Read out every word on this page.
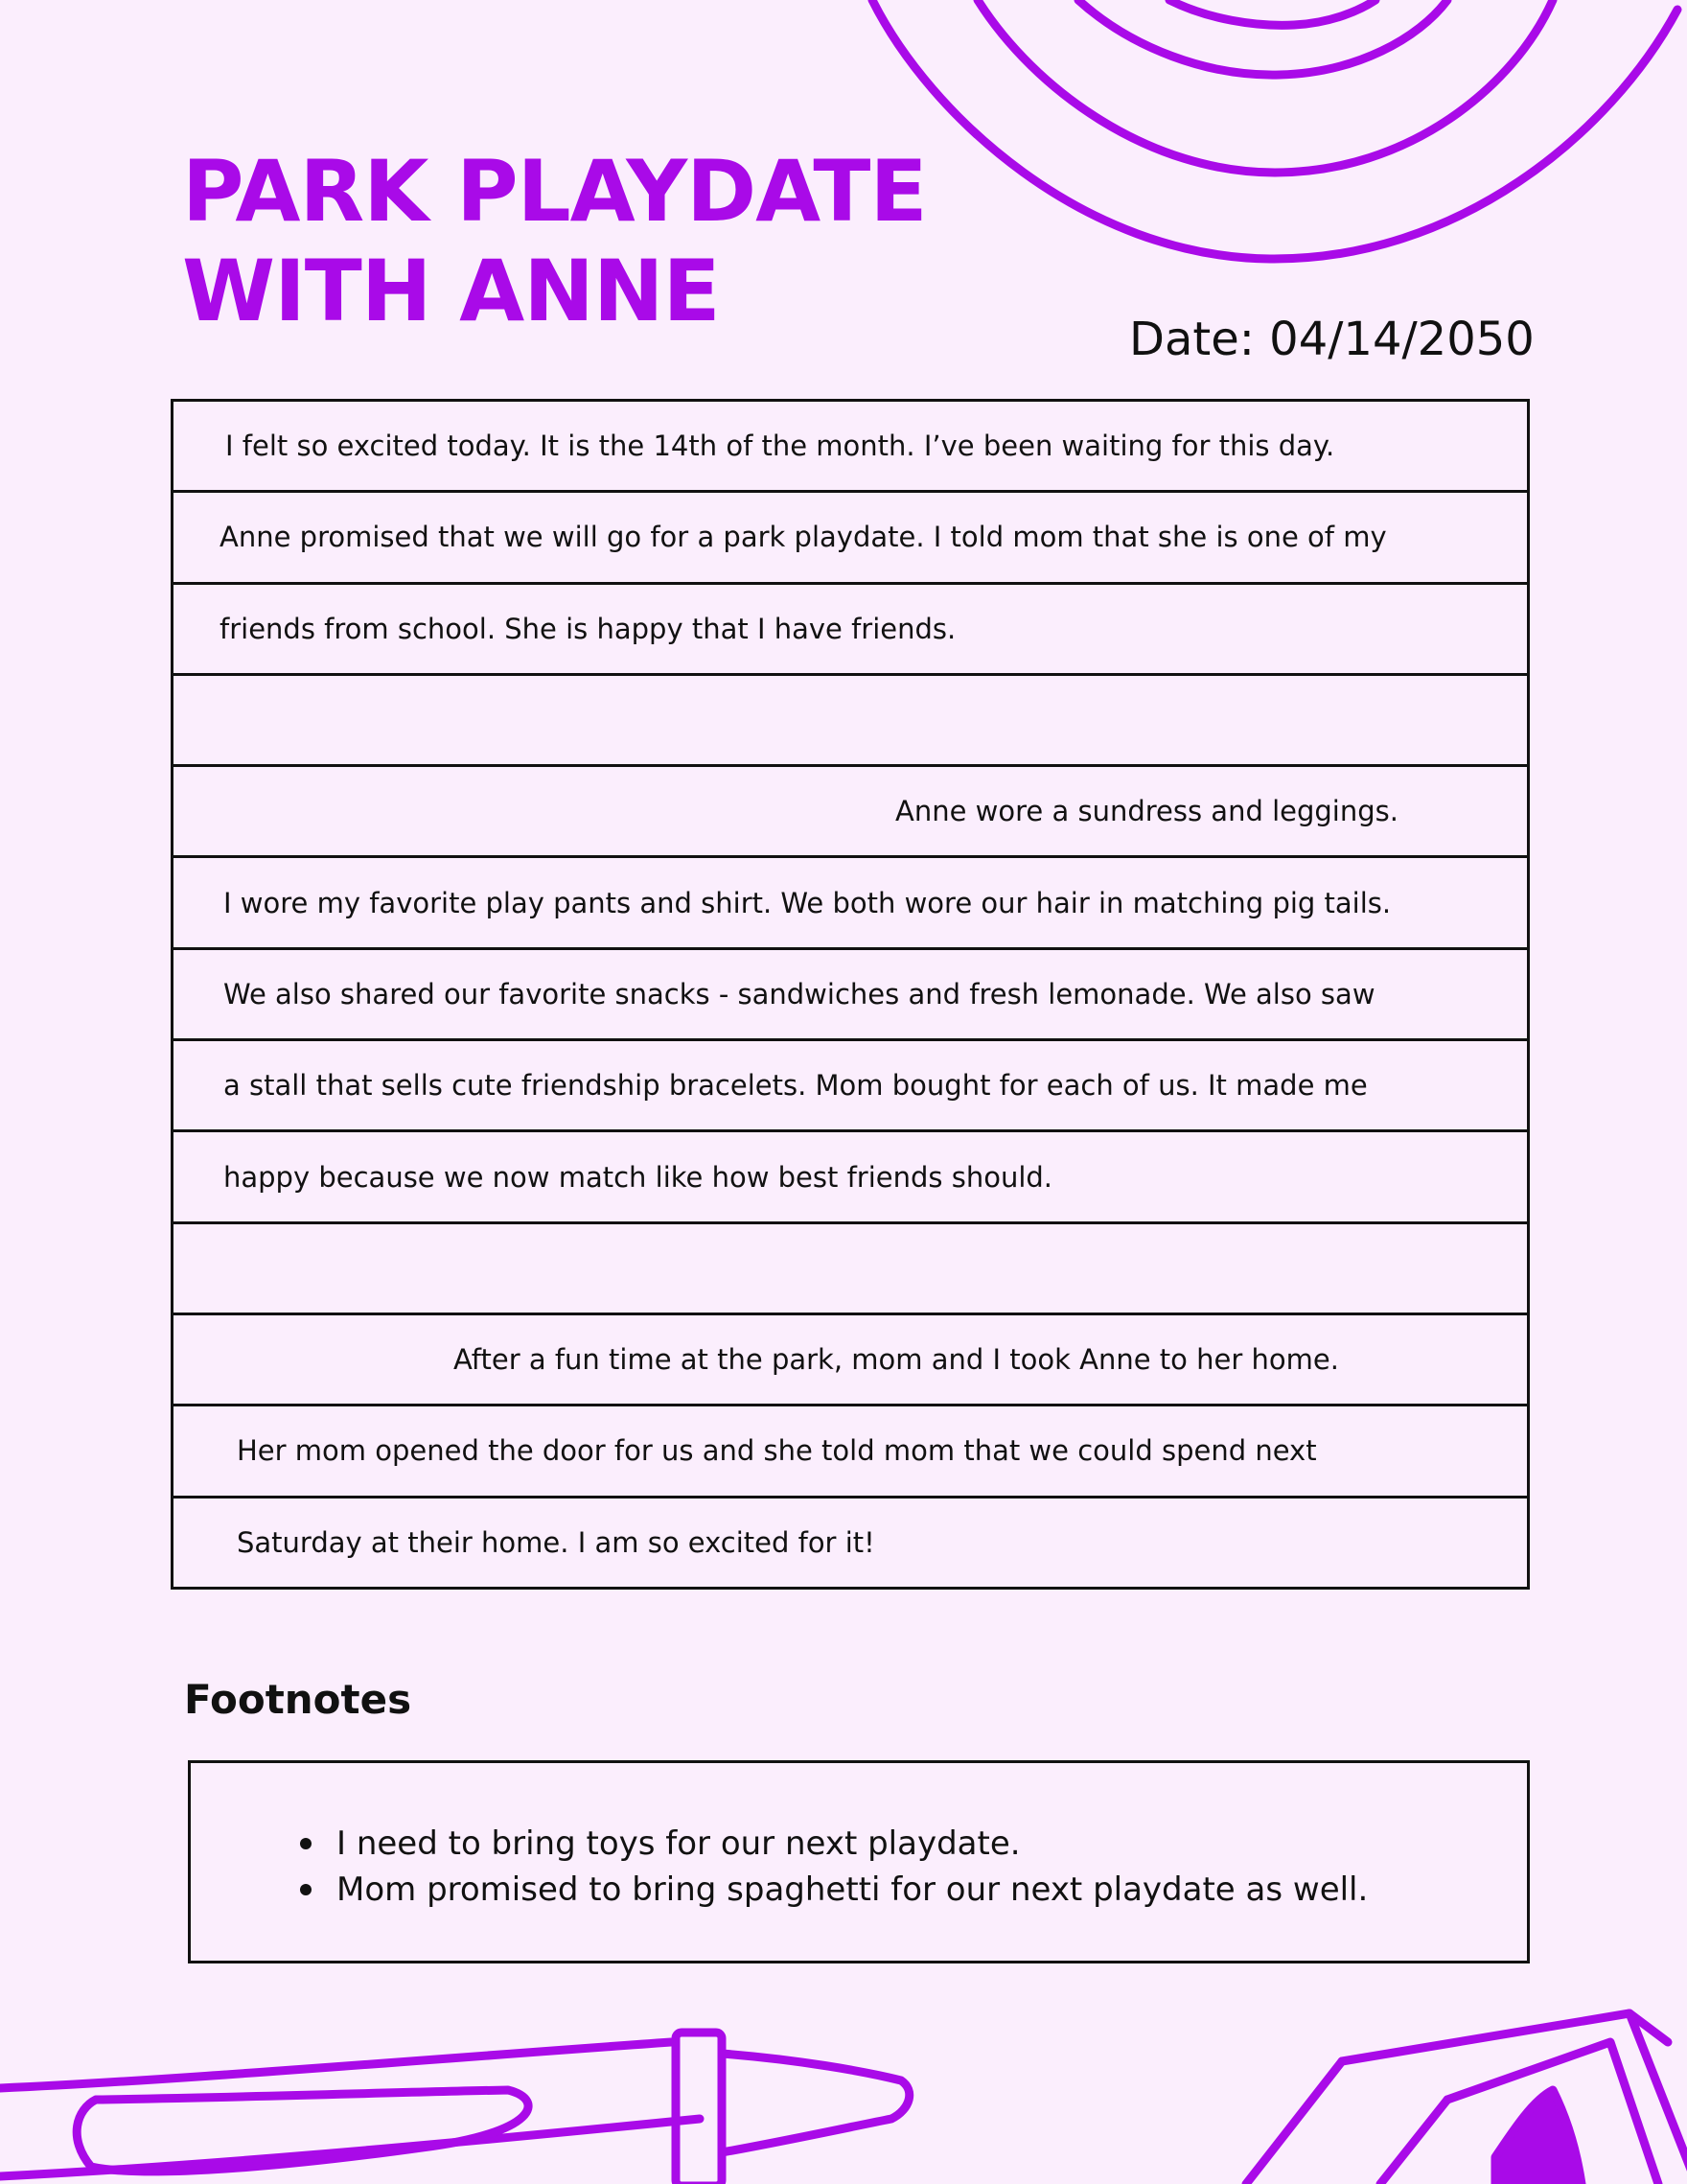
PARK PLAYDATE
WITH ANNE	Date: 04/14/2050
I felt so excited today. It is the 14th of the month. I’ve been waiting for this day.
Anne promised that we will go for a park playdate. I told mom that she is one of my
friends from school. She is happy that I have friends.
Anne wore a sundress and leggings.
I wore my favorite play pants and shirt. We both wore our hair in matching pig tails.
We also shared our favorite snacks - sandwiches and fresh lemonade. We also saw
a stall that sells cute friendship bracelets. Mom bought for each of us. It made me
happy because we now match like how best friends should.
After a fun time at the park, mom and I took Anne to her home.
Her mom opened the door for us and she told mom that we could spend next
Saturday at their home. I am so excited for it!
Footnotes
I need to bring toys for our next playdate.
Mom promised to bring spaghetti for our next playdate as well.
